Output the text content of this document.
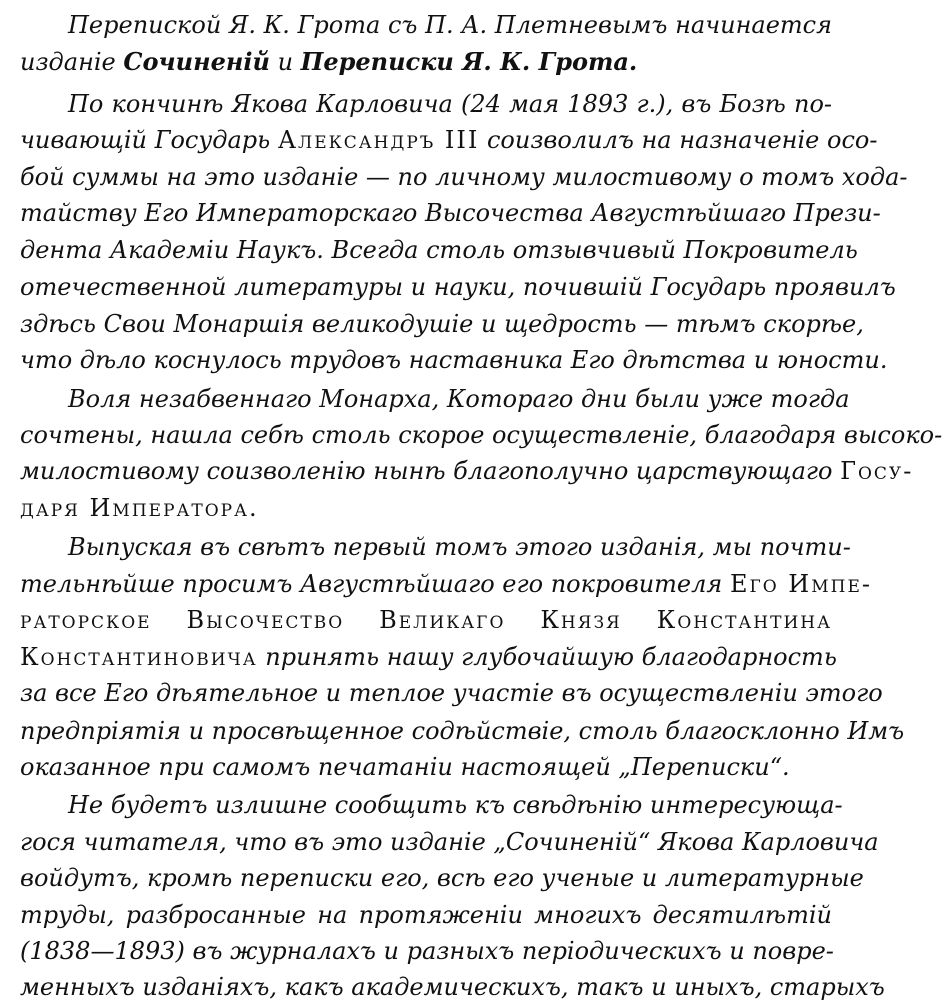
Перепиской Я. К. Грота съ П. А. Плетневымъ начинается
изданіе Сочиненій и Переписки Я. К. Грота.
По кончинѣ Якова Карловича (24 мая 1893 г.), въ Бозѣ по-
чивающій Государь Александръ III соизволилъ на назначеніе осо-
бой суммы на это изданіе — по личному милостивому о томъ хода-
тайству Его Императорскаго Высочества Августѣйшаго Прези-
дента Академіи Наукъ. Всегда столь отзывчивый Покровитель
отечественной литературы и науки, почившій Государь проявилъ
здѣсь Свои Монаршія великодушіе и щедрость — тѣмъ скорѣе,
что дѣло коснулось трудовъ наставника Его дѣтства и юности.
Воля незабвеннаго Монарха, Котораго дни были уже тогда
сочтены, нашла себѣ столь скорое осуществленіе, благодаря высоко-
милостивому соизволенію нынѣ благополучно царствующаго Госу-
даря Императора.
Выпуская въ свѣтъ первый томъ этого изданія, мы почти-
тельнѣйше просимъ Августѣйшаго его покровителя Его Импе-
раторское Высочество Великаго Князя Константина
Константиновича принять нашу глубочайшую благодарность
за все Его дѣятельное и теплое участіе въ осуществленіи этого
предпріятія и просвѣщенное содѣйствіе, столь благосклонно Имъ
оказанное при самомъ печатаніи настоящей „Переписки“.
Не будетъ излишне сообщить къ свѣдѣнію интересующа-
гося читателя, что въ это изданіе „Сочиненій“ Якова Карловича
войдутъ, кромѣ переписки его, всѣ его ученые и литературные
труды, разбросанные на протяженіи многихъ десятилѣтій
(1838—1893) въ журналахъ и разныхъ періодическихъ и повре-
менныхъ изданіяхъ, какъ академическихъ, такъ и иныхъ, старыхъ
